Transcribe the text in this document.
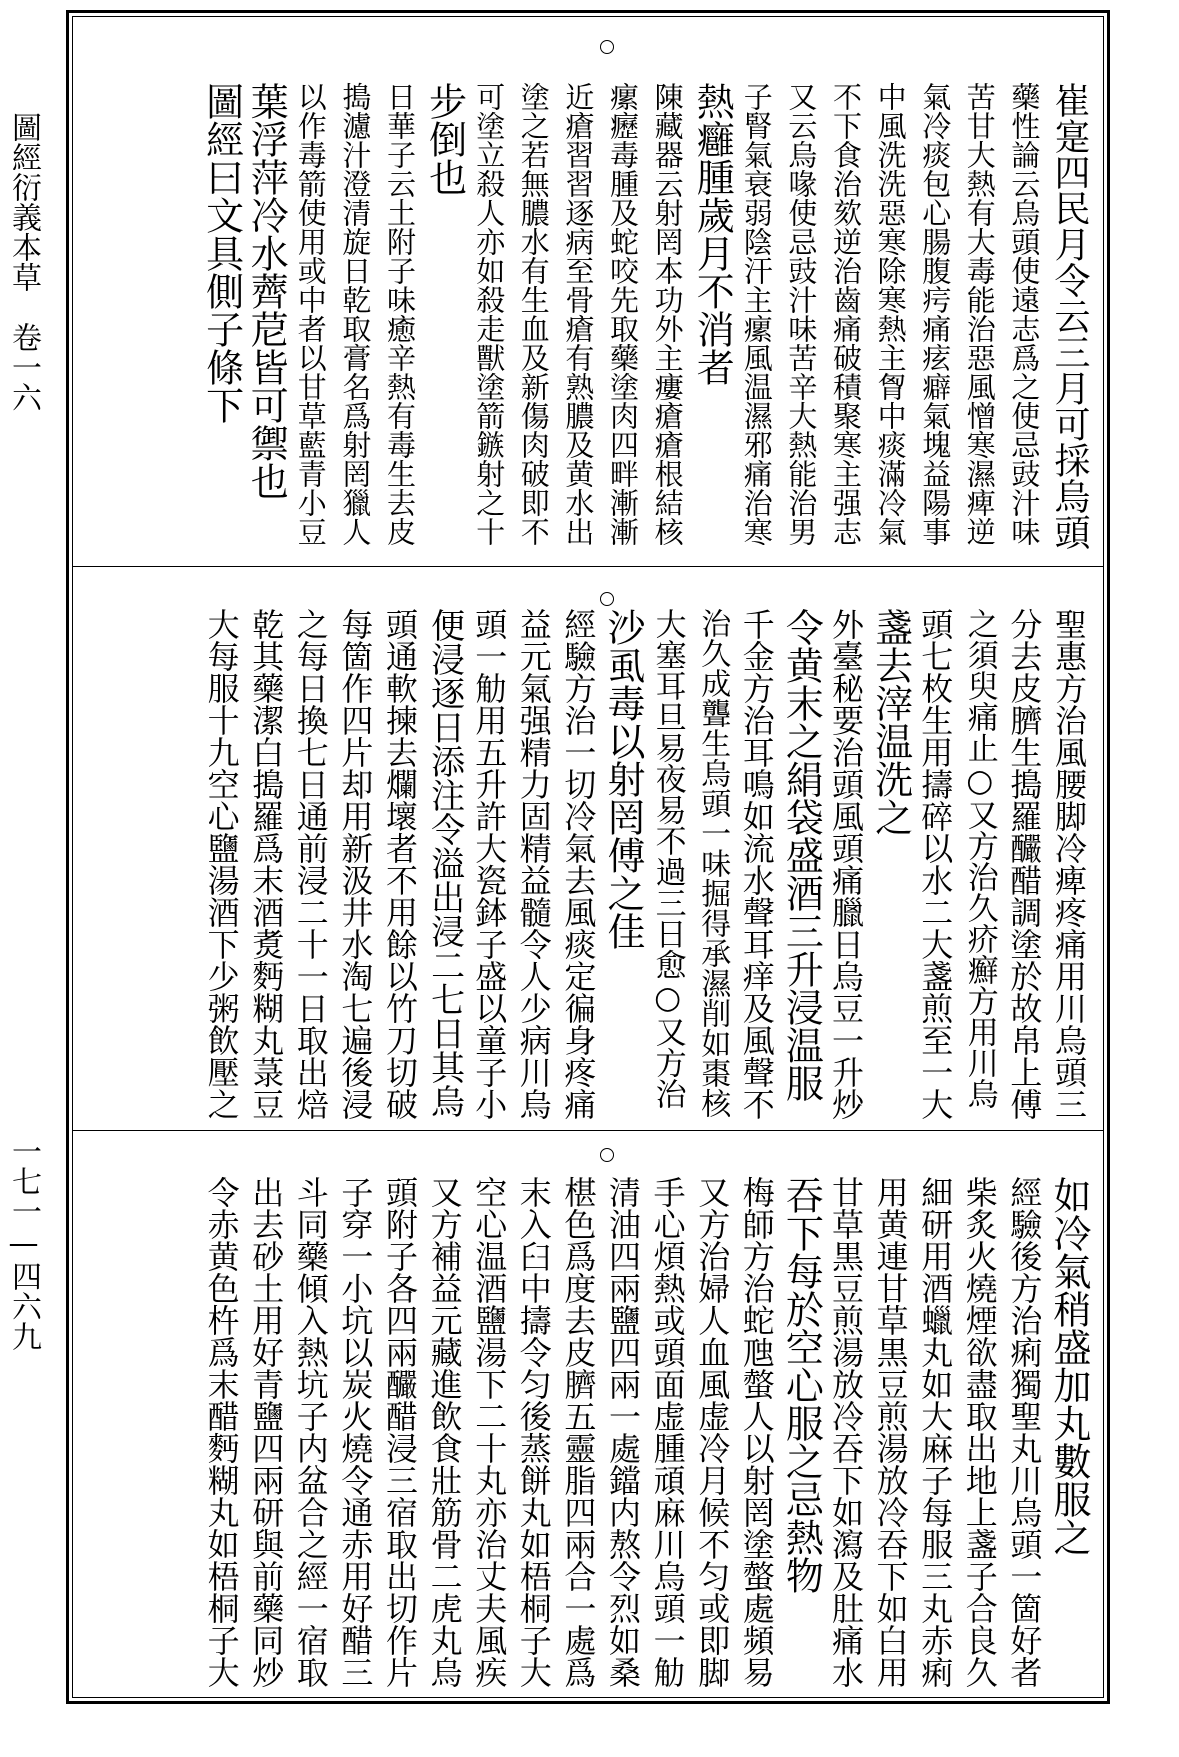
圖經衍義本草　卷一六
一七一—四六九
崔寔四民月令云三月可採烏頭
藥性論云烏頭使遠志爲之使忌豉汁味
苦甘大熱有大毒能治惡風憎寒濕痺逆
氣冷痰包心腸腹疞痛痃癖氣塊益陽事
中風洗洗惡寒除寒熱主胷中痰滿冷氣
不下食治欬逆治齒痛破積聚寒主强志
又云烏喙使忌豉汁味苦辛大熱能治男
子腎氣衰弱陰汗主瘰風温濕邪痛治寒
熱癰腫歲月不消者
陳藏器云射罔本功外主瘻瘡瘡根結核
瘰癧毒腫及蛇咬先取藥塗肉四畔漸漸
近瘡習習逐病至骨瘡有熟膿及黄水出
塗之若無膿水有生血及新傷肉破即不
可塗立殺人亦如殺走獸塗箭鏃射之十
步倒也
日華子云土附子味癒辛熱有毒生去皮
搗濾汁澄清旋日乾取膏名爲射罔獵人
以作毒箭使用或中者以甘草藍青小豆
葉浮萍冷水薺苨皆可禦也
圖經曰文具側子條下
聖惠方治風腰脚冷痺疼痛用川烏頭三
分去皮臍生搗羅釅醋調塗於故帛上傅
之須臾痛止○又方治久疥癬方用川烏
頭七枚生用擣碎以水二大盞煎至一大
盞去滓温洗之
外臺秘要治頭風頭痛臘日烏豆一升炒
令黄末之絹袋盛酒三升浸温服
千金方治耳鳴如流水聲耳痒及風聲不
治久成聾生烏頭一味掘得承濕削如棗核
大塞耳旦易夜易不過三日愈○又方治
沙虱毒以射罔傅之佳
經驗方治一切冷氣去風痰定徧身疼痛
益元氣强精力固精益髓令人少病川烏
頭一觔用五升許大瓷鉢子盛以童子小
便浸逐日添注令溢出浸二七日其烏
頭通軟揀去爛壞者不用餘以竹刀切破
每箇作四片却用新汲井水淘七遍後浸
之每日換七日通前浸二十一日取出焙
乾其藥潔白搗羅爲末酒煑麪糊丸菉豆
大每服十九空心鹽湯酒下少粥飲壓之
如冷氣稍盛加丸數服之
經驗後方治痢獨聖丸川烏頭一箇好者
柴炙火燒煙欲盡取出地上盞子合良久
細研用酒蠟丸如大麻子每服三丸赤痢
用黄連甘草黒豆煎湯放冷吞下如白用
甘草黒豆煎湯放冷吞下如瀉及肚痛水
吞下每於空心服之忌熱物
梅師方治蛇虺螫人以射罔塗螫處頻易
又方治婦人血風虚冷月候不匀或即脚
手心煩熱或頭面虚腫頑麻川烏頭一觔
清油四兩鹽四兩一處鐺内熬令烈如桑
椹色爲度去皮臍五靈脂四兩合一處爲
末入臼中擣令匀後蒸餅丸如梧桐子大
空心温酒鹽湯下二十丸亦治丈夫風疾
又方補益元藏進飲食壯筋骨二虎丸烏
頭附子各四兩釅醋浸三宿取出切作片
子穿一小坑以炭火燒令通赤用好醋三
斗同藥傾入熱坑子内盆合之經一宿取
出去砂土用好青鹽四兩研與前藥同炒
令赤黄色杵爲末醋麪糊丸如梧桐子大
